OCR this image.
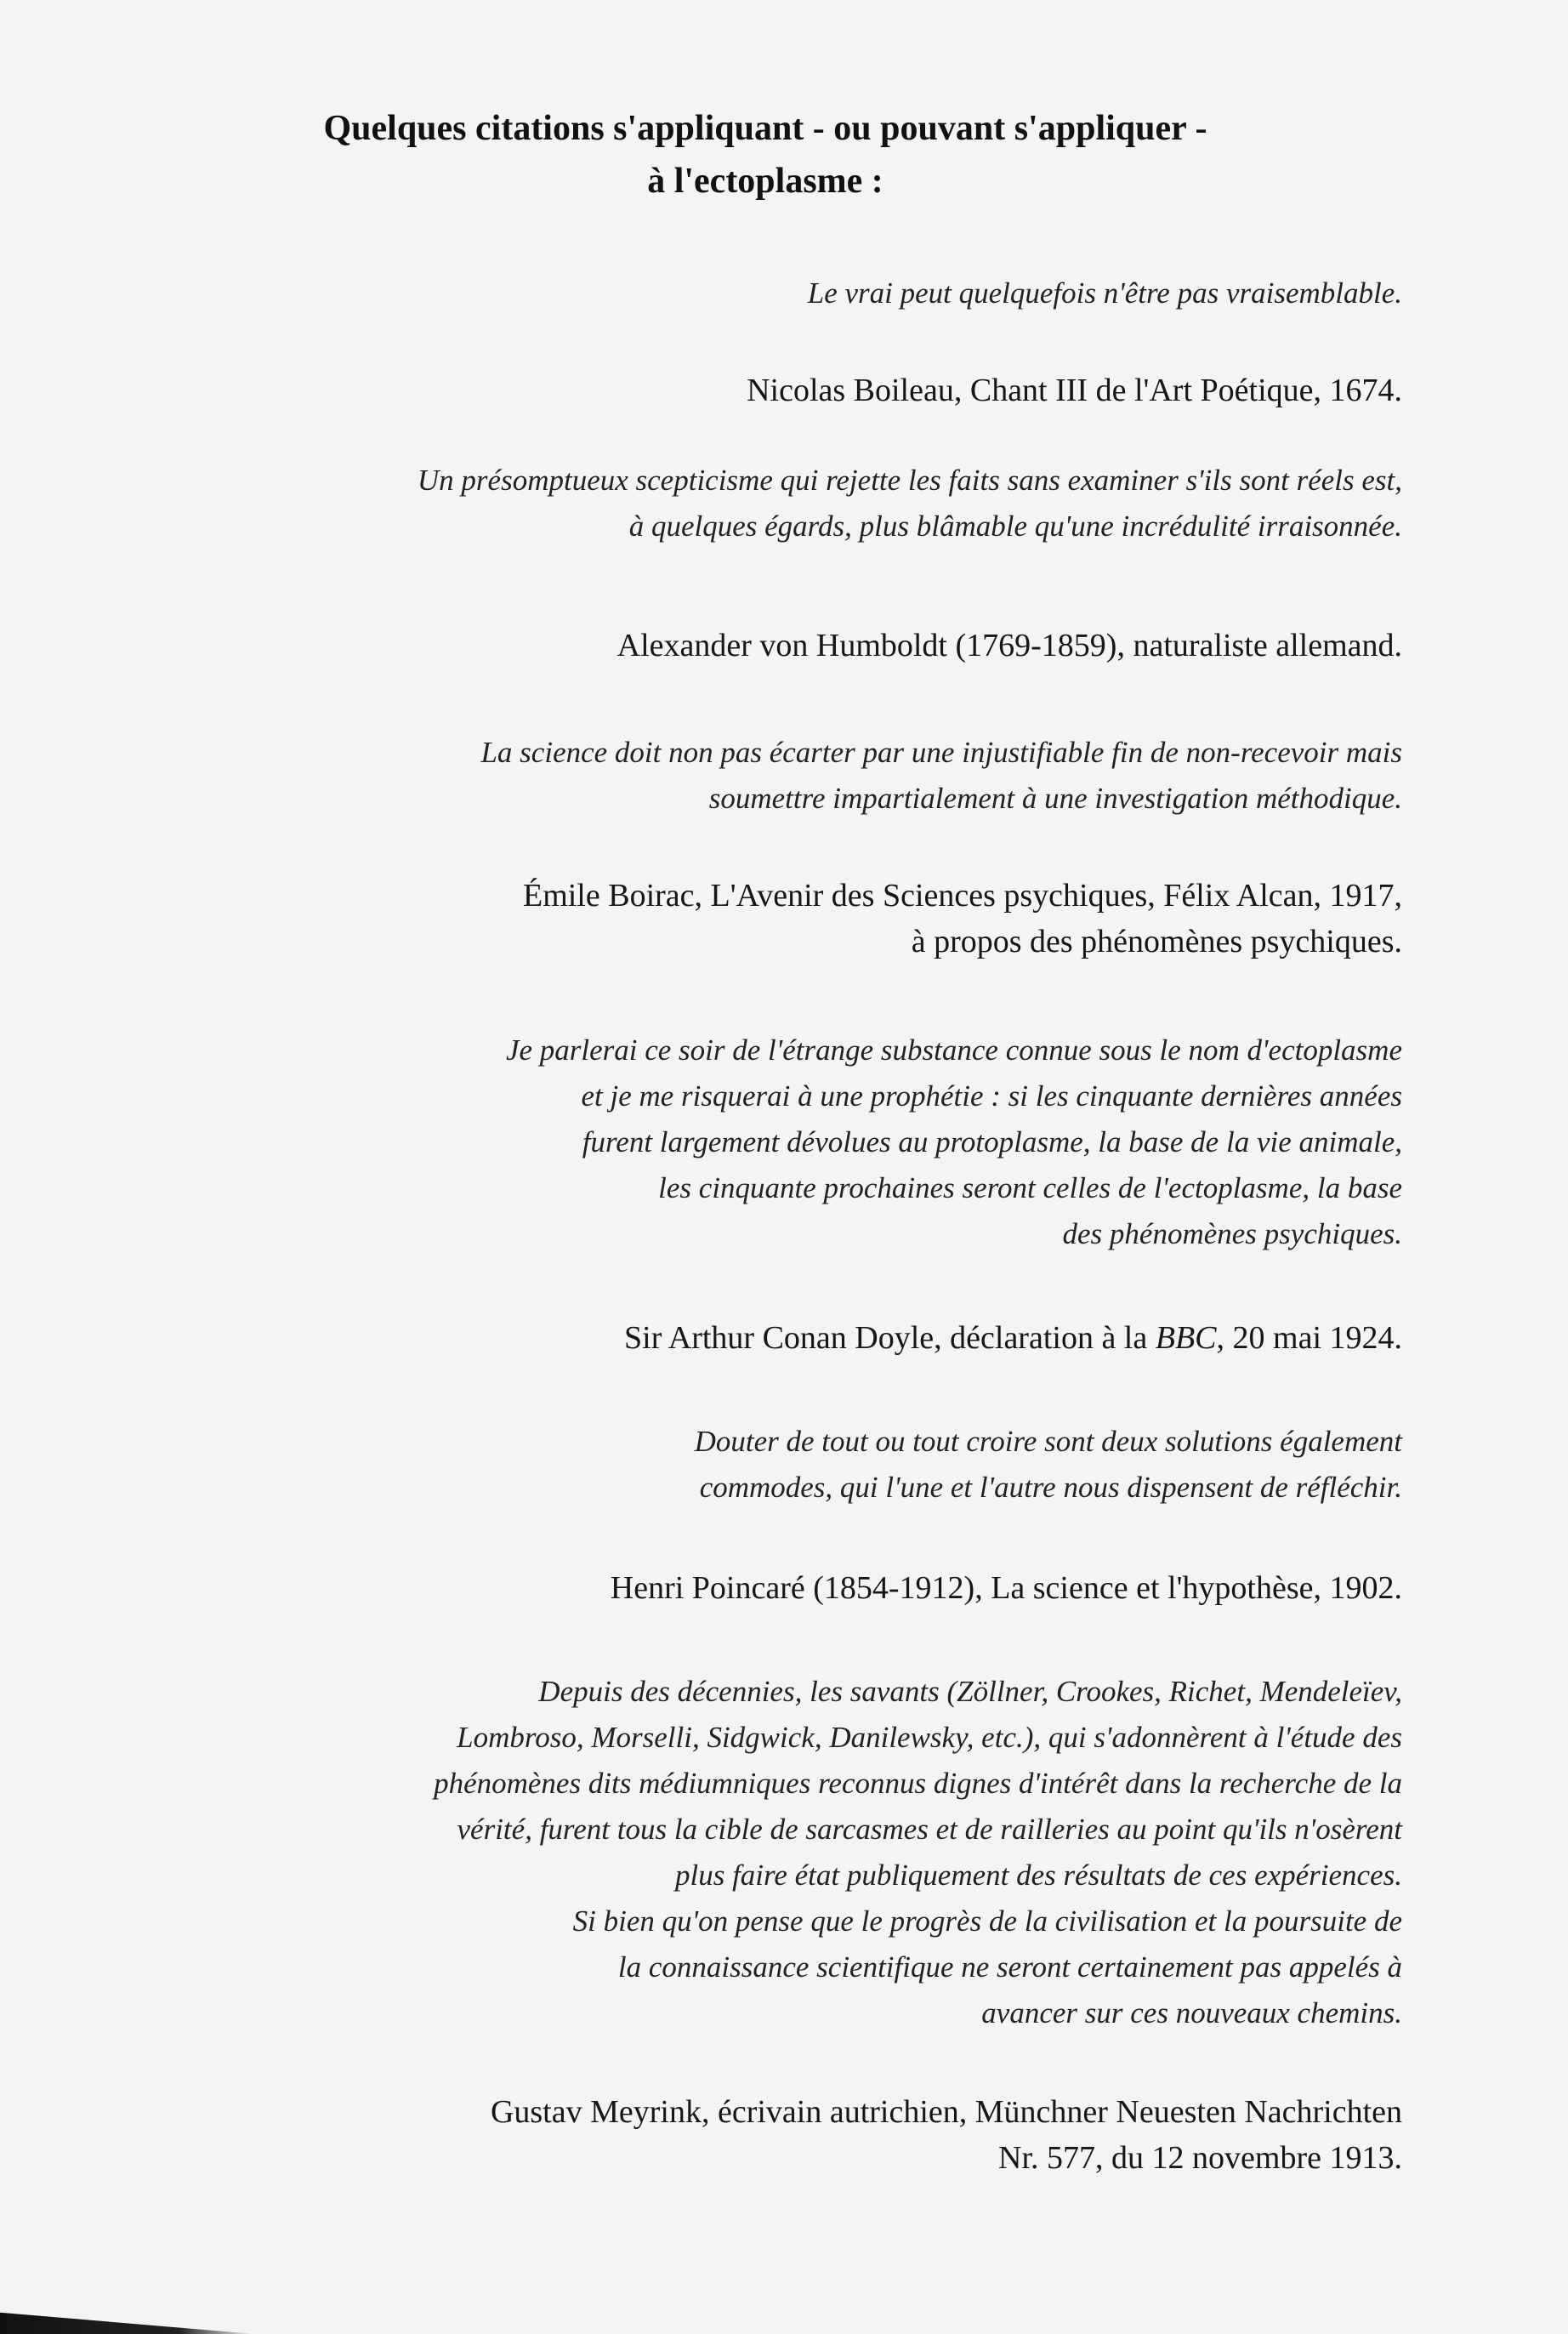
Quelques citations s'appliquant - ou pouvant s'appliquer -
à l'ectoplasme :
Le vrai peut quelquefois n'être pas vraisemblable.
Nicolas Boileau, Chant III de l'Art Poétique, 1674.
Un présomptueux scepticisme qui rejette les faits sans examiner s'ils sont réels est,
à quelques égards, plus blâmable qu'une incrédulité irraisonnée.
Alexander von Humboldt (1769-1859), naturaliste allemand.
La science doit non pas écarter par une injustifiable fin de non-recevoir mais
soumettre impartialement à une investigation méthodique.
Émile Boirac, L'Avenir des Sciences psychiques, Félix Alcan, 1917,
à propos des phénomènes psychiques.
Je parlerai ce soir de l'étrange substance connue sous le nom d'ectoplasme
et je me risquerai à une prophétie : si les cinquante dernières années
furent largement dévolues au protoplasme, la base de la vie animale,
les cinquante prochaines seront celles de l'ectoplasme, la base
des phénomènes psychiques.
Sir Arthur Conan Doyle, déclaration à la BBC, 20 mai 1924.
Douter de tout ou tout croire sont deux solutions également
commodes, qui l'une et l'autre nous dispensent de réfléchir.
Henri Poincaré (1854-1912), La science et l'hypothèse, 1902.
Depuis des décennies, les savants (Zöllner, Crookes, Richet, Mendeleïev,
Lombroso, Morselli, Sidgwick, Danilewsky, etc.), qui s'adonnèrent à l'étude des
phénomènes dits médiumniques reconnus dignes d'intérêt dans la recherche de la
vérité, furent tous la cible de sarcasmes et de railleries au point qu'ils n'osèrent
plus faire état publiquement des résultats de ces expériences.
Si bien qu'on pense que le progrès de la civilisation et la poursuite de
la connaissance scientifique ne seront certainement pas appelés à
avancer sur ces nouveaux chemins.
Gustav Meyrink, écrivain autrichien, Münchner Neuesten Nachrichten
Nr. 577, du 12 novembre 1913.
